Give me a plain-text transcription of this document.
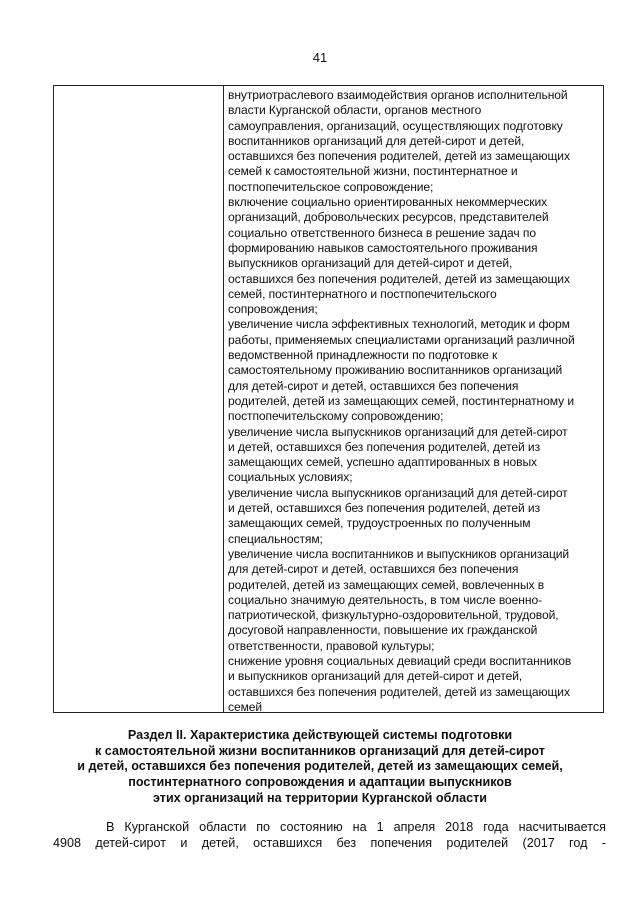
41
внутриотраслевого взаимодействия органов исполнительной
власти Курганской области, органов местного
самоуправления, организаций, осуществляющих подготовку
воспитанников организаций для детей-сирот и детей,
оставшихся без попечения родителей, детей из замещающих
семей к самостоятельной жизни, постинтернатное и
постпопечительское сопровождение;
включение социально ориентированных некоммерческих
организаций, добровольческих ресурсов, представителей
социально ответственного бизнеса в решение задач по
формированию навыков самостоятельного проживания
выпускников организаций для детей-сирот и детей,
оставшихся без попечения родителей, детей из замещающих
семей, постинтернатного и постпопечительского
сопровождения;
увеличение числа эффективных технологий, методик и форм
работы, применяемых специалистами организаций различной
ведомственной принадлежности по подготовке к
самостоятельному проживанию воспитанников организаций
для детей-сирот и детей, оставшихся без попечения
родителей, детей из замещающих семей, постинтернатному и
постпопечительскому сопровождению;
увеличение числа выпускников организаций для детей-сирот
и детей, оставшихся без попечения родителей, детей из
замещающих семей, успешно адаптированных в новых
социальных условиях;
увеличение числа выпускников организаций для детей-сирот
и детей, оставшихся без попечения родителей, детей из
замещающих семей, трудоустроенных по полученным
специальностям;
увеличение числа воспитанников и выпускников организаций
для детей-сирот и детей, оставшихся без попечения
родителей, детей из замещающих семей, вовлеченных в
социально значимую деятельность, в том числе военно-
патриотической, физкультурно-оздоровительной, трудовой,
досуговой направленности, повышение их гражданской
ответственности, правовой культуры;
снижение уровня социальных девиаций среди воспитанников
и выпускников организаций для детей-сирот и детей,
оставшихся без попечения родителей, детей из замещающих
семей
Раздел II. Характеристика действующей системы подготовки
к самостоятельной жизни воспитанников организаций для детей-сирот
и детей, оставшихся без попечения родителей, детей из замещающих семей,
постинтернатного сопровождения и адаптации выпускников
этих организаций на территории Курганской области
В Курганской области по состоянию на 1 апреля 2018 года насчитывается
4908 детей-сирот и детей, оставшихся без попечения родителей (2017 год -
